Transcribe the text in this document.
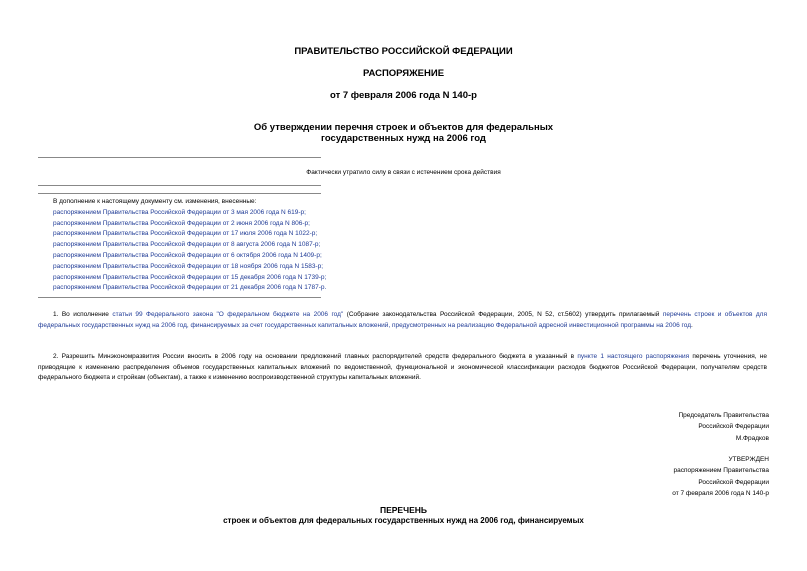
ПРАВИТЕЛЬСТВО РОССИЙСКОЙ ФЕДЕРАЦИИ
РАСПОРЯЖЕНИЕ
от 7 февраля 2006 года N 140-р
Об утверждении перечня строек и объектов для федеральных
государственных нужд на 2006 год
Фактически утратило силу в связи с истечением срока действия
В дополнение к настоящему документу см. изменения, внесенные:
распоряжением Правительства Российской Федерации от 3 мая 2006 года N 619-р;
распоряжением Правительства Российской Федерации от 2 июня 2006 года N 806-р;
распоряжением Правительства Российской Федерации от 17 июля 2006 года N 1022-р;
распоряжением Правительства Российской Федерации от 8 августа 2006 года N 1087-р;
распоряжением Правительства Российской Федерации от 6 октября 2006 года N 1409-р;
распоряжением Правительства Российской Федерации от 18 ноября 2006 года N 1583-р;
распоряжением Правительства Российской Федерации от 15 декабря 2006 года N 1739-р;
распоряжением Правительства Российской Федерации от 21 декабря 2006 года N 1787-р.
1. Во исполнение статьи 99 Федерального закона "О федеральном бюджете на 2006 год" (Собрание законодательства Российской Федерации, 2005, N 52, ст.5602) утвердить прилагаемый перечень строек и объектов для федеральных государственных нужд на 2006 год, финансируемых за счет государственных капитальных вложений, предусмотренных на реализацию Федеральной адресной инвестиционной программы на 2006 год.
2. Разрешить Минэкономразвития России вносить в 2006 году на основании предложений главных распорядителей средств федерального бюджета в указанный в пункте 1 настоящего распоряжения перечень уточнения, не приводящие к изменению распределения объемов государственных капитальных вложений по ведомственной, функциональной и экономической классификации расходов бюджетов Российской Федерации, получателям средств федерального бюджета и стройкам (объектам), а также к изменению воспроизводственной структуры капитальных вложений.
Председатель Правительства
Российской Федерации
М.Фрадков
УТВЕРЖДЕН
распоряжением Правительства
Российской Федерации
от 7 февраля 2006 года N 140-р
ПЕРЕЧЕНЬ
строек и объектов для федеральных государственных нужд на 2006 год, финансируемых
